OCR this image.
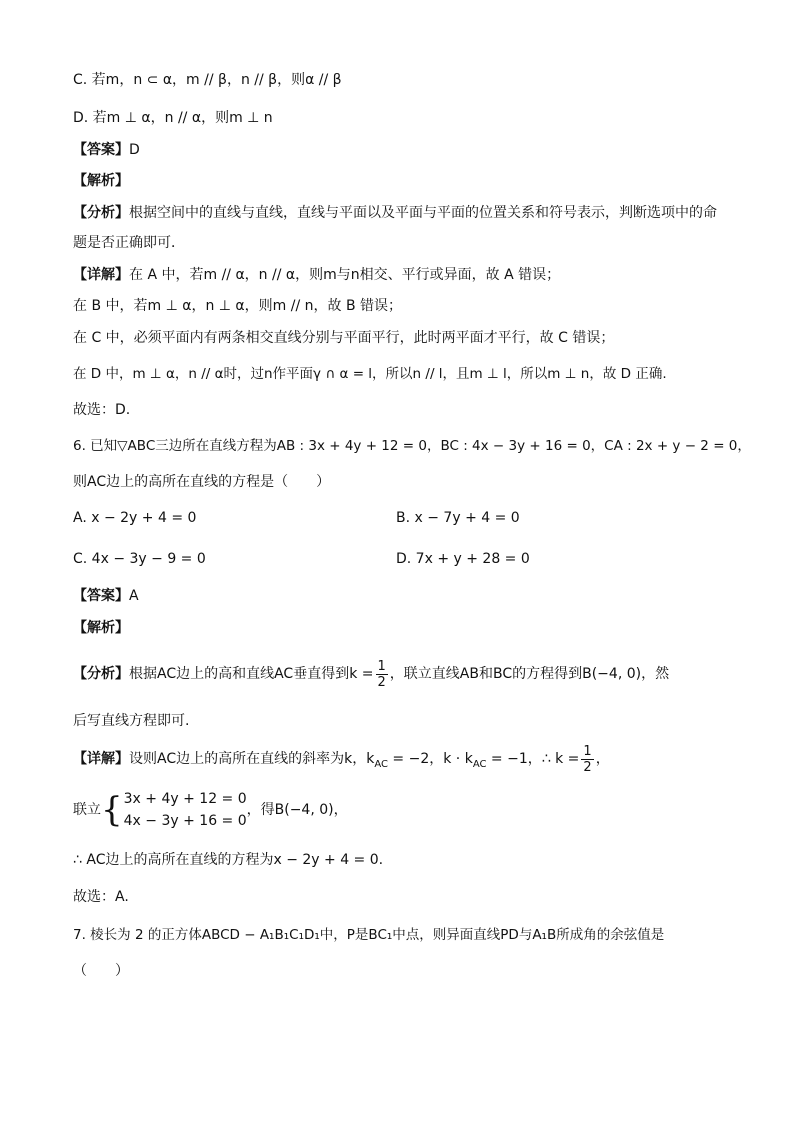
C. 若m，n ⊂ α，m // β，n // β，则α // β
D. 若m ⊥ α，n // α，则m ⊥ n
【答案】D
【解析】
【分析】根据空间中的直线与直线，直线与平面以及平面与平面的位置关系和符号表示，判断选项中的命
题是否正确即可．
【详解】在 A 中，若m // α，n // α，则m与n相交、平行或异面，故 A 错误；
在 B 中，若m ⊥ α，n ⊥ α，则m // n，故 B 错误；
在 C 中，必须平面内有两条相交直线分别与平面平行，此时两平面才平行，故 C 错误；
在 D 中，m ⊥ α，n // α时，过n作平面γ ∩ α = l，所以n // l，且m ⊥ l，所以m ⊥ n，故 D 正确.
故选：D.
6. 已知▽ABC三边所在直线方程为AB : 3x + 4y + 12 = 0，BC : 4x − 3y + 16 = 0，CA : 2x + y − 2 = 0，
则AC边上的高所在直线的方程是（　　）
A. x − 2y + 4 = 0	B. x − 7y + 4 = 0
C. 4x − 3y − 9 = 0	D. 7x + y + 28 = 0
【答案】A
【解析】
【分析】根据AC边上的高和直线AC垂直得到$k = \frac{1}{2}$ ，联立直线AB和BC的方程得到B(−4, 0)，然
后写直线方程即可.
【详解】设则AC边上的高所在直线的斜率为k，$k_{AC} = -2$，$k \cdot k_{AC} = -1$，∴ $k = \frac{1}{2}$ ，
联立{ 3x + 4y + 12 = 0
4x − 3y + 16 = 0
，得B(−4, 0)，
∴ AC边上的高所在直线的方程为x − 2y + 4 = 0.
故选：A.
7. 棱长为 2 的正方体ABCD − A₁B₁C₁D₁中，P是BC₁中点，则异面直线PD与A₁B所成角的余弦值是
（　　）
